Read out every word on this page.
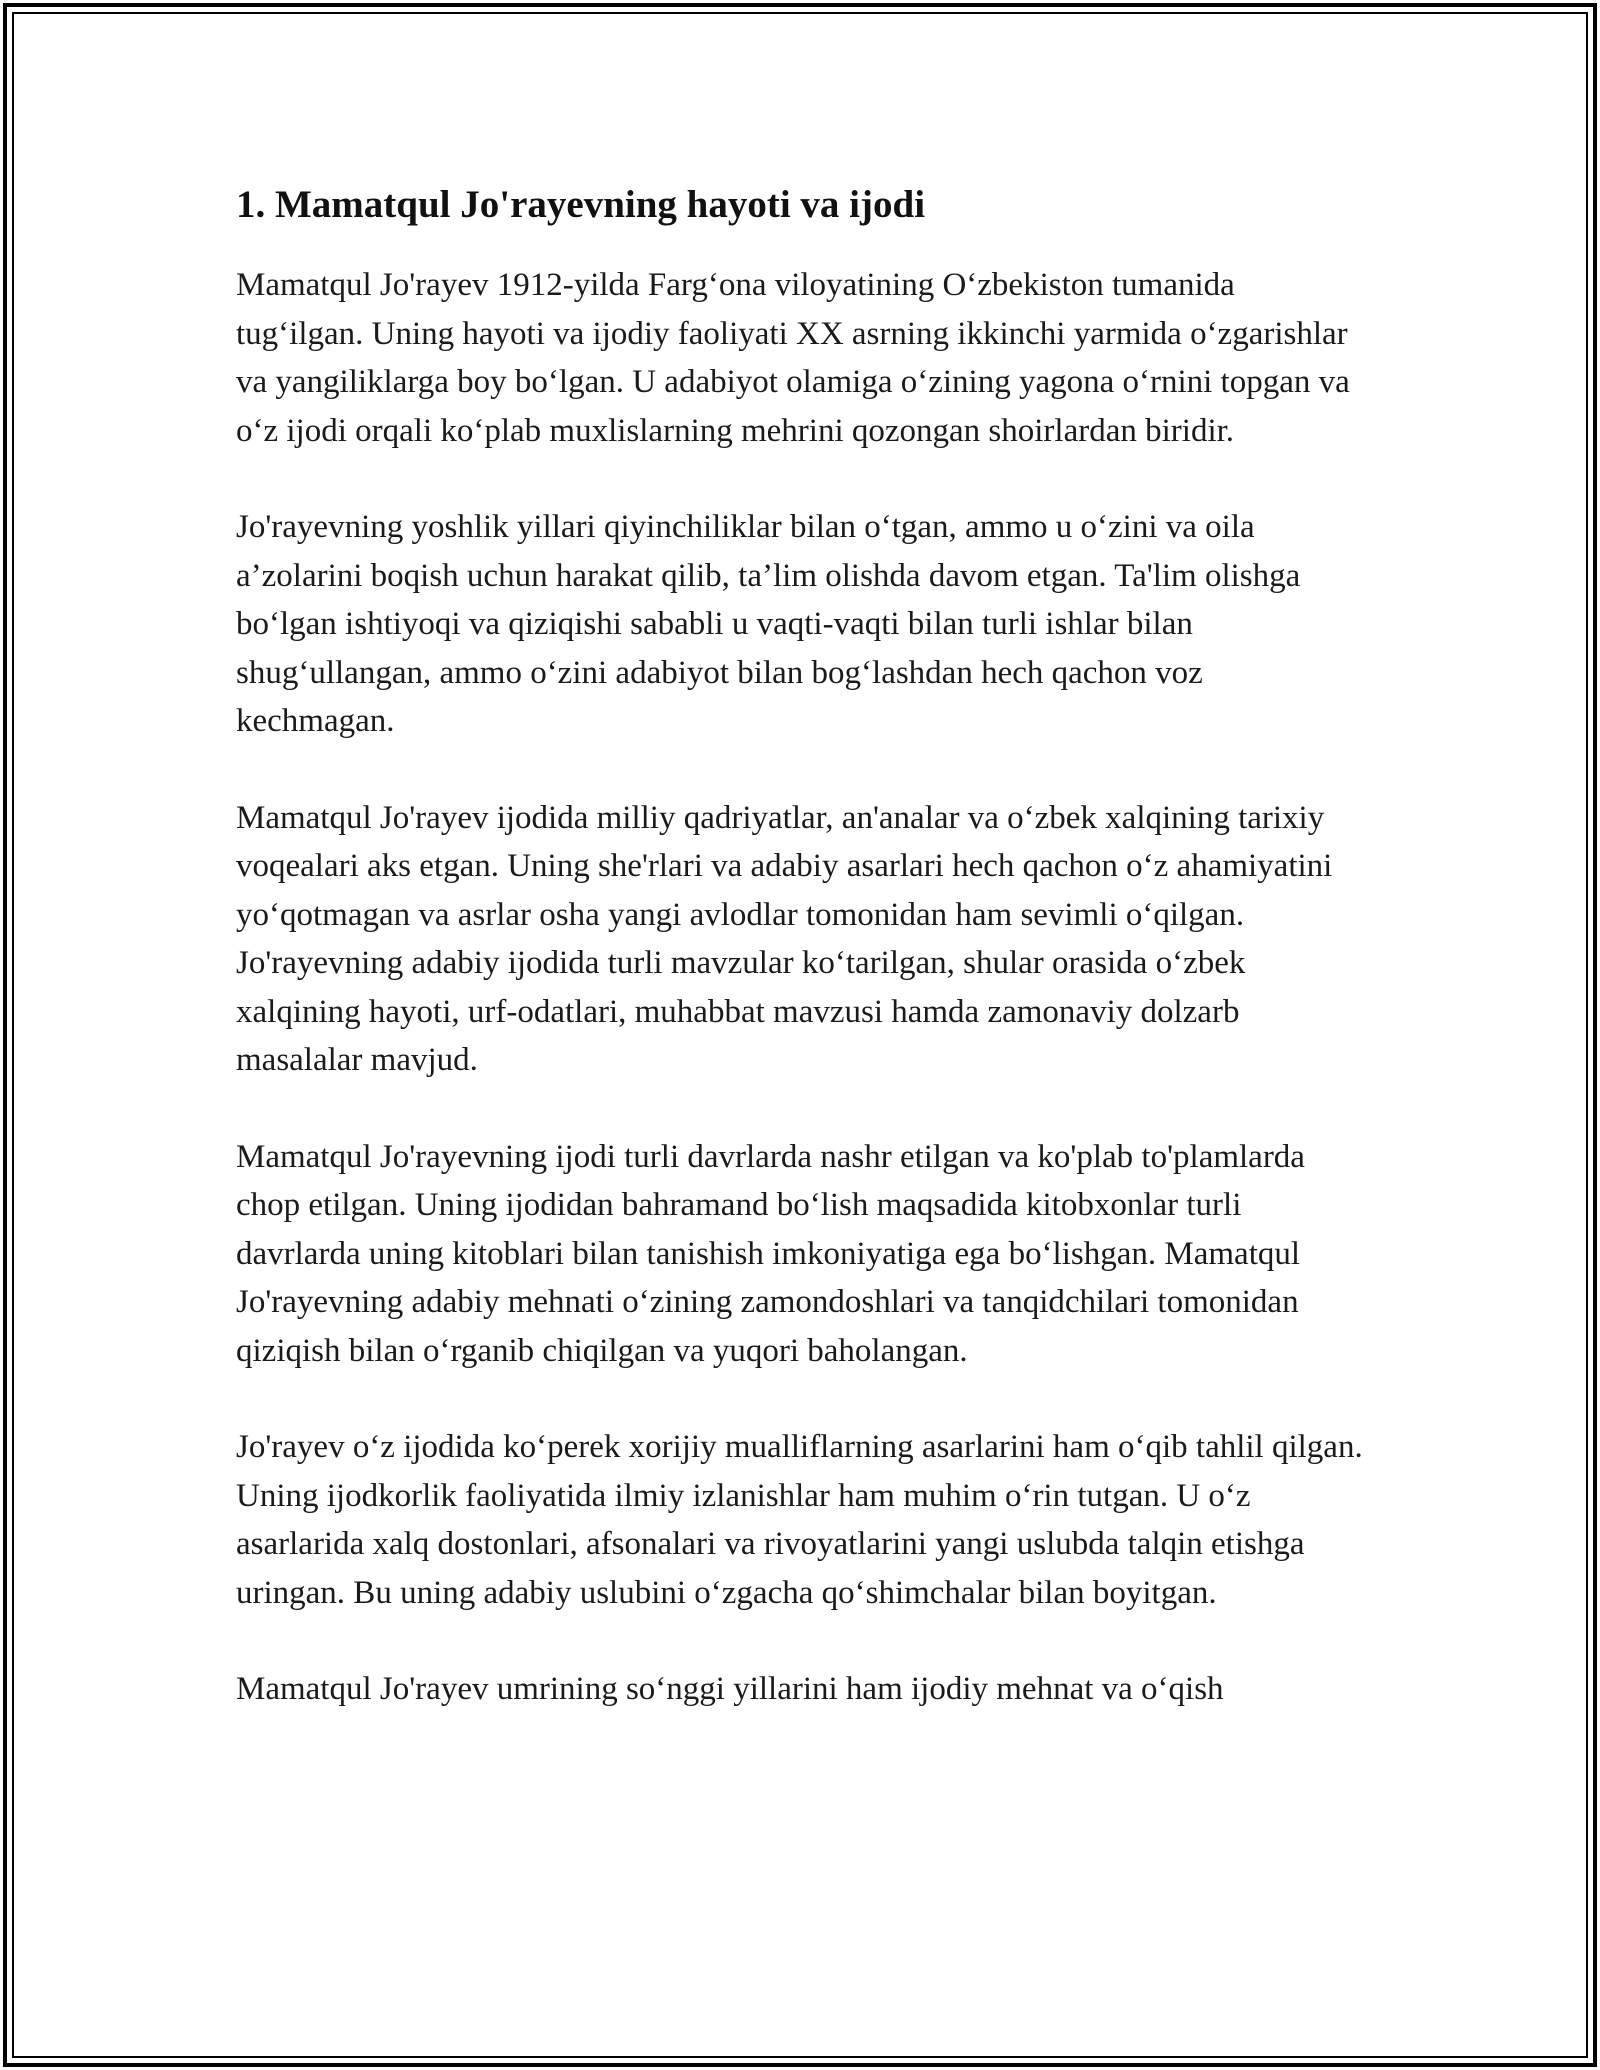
1. Mamatqul Jo'rayevning hayoti va ijodi

Mamatqul Jo'rayev 1912-yilda Farg‘ona viloyatining O‘zbekiston tumanida tug‘ilgan. Uning hayoti va ijodiy faoliyati XX asrning ikkinchi yarmida o‘zgarishlar va yangiliklarga boy bo‘lgan. U adabiyot olamiga o‘zining yagona o‘rnini topgan va o‘z ijodi orqali ko‘plab muxlislarning mehrini qozongan shoirlardan biridir.

Jo'rayevning yoshlik yillari qiyinchiliklar bilan o‘tgan, ammo u o‘zini va oila a’zolarini boqish uchun harakat qilib, ta’lim olishda davom etgan. Ta'lim olishga bo‘lgan ishtiyoqi va qiziqishi sababli u vaqti-vaqti bilan turli ishlar bilan shug‘ullangan, ammo o‘zini adabiyot bilan bog‘lashdan hech qachon voz kechmagan.

Mamatqul Jo'rayev ijodida milliy qadriyatlar, an'analar va o‘zbek xalqining tarixiy voqealari aks etgan. Uning she'rlari va adabiy asarlari hech qachon o‘z ahamiyatini yo‘qotmagan va asrlar osha yangi avlodlar tomonidan ham sevimli o‘qilgan. Jo'rayevning adabiy ijodida turli mavzular ko‘tarilgan, shular orasida o‘zbek xalqining hayoti, urf-odatlari, muhabbat mavzusi hamda zamonaviy dolzarb masalalar mavjud.

Mamatqul Jo'rayevning ijodi turli davrlarda nashr etilgan va ko'plab to'plamlarda chop etilgan. Uning ijodidan bahramand bo‘lish maqsadida kitobxonlar turli davrlarda uning kitoblari bilan tanishish imkoniyatiga ega bo‘lishgan. Mamatqul Jo'rayevning adabiy mehnati o‘zining zamondoshlari va tanqidchilari tomonidan qiziqish bilan o‘rganib chiqilgan va yuqori baholangan.

Jo'rayev o‘z ijodida ko‘perek xorijiy mualliflarning asarlarini ham o‘qib tahlil qilgan. Uning ijodkorlik faoliyatida ilmiy izlanishlar ham muhim o‘rin tutgan. U o‘z asarlarida xalq dostonlari, afsonalari va rivoyatlarini yangi uslubda talqin etishga uringan. Bu uning adabiy uslubini o‘zgacha qo‘shimchalar bilan boyitgan.

Mamatqul Jo'rayev umrining so‘nggi yillarini ham ijodiy mehnat va o‘qish
